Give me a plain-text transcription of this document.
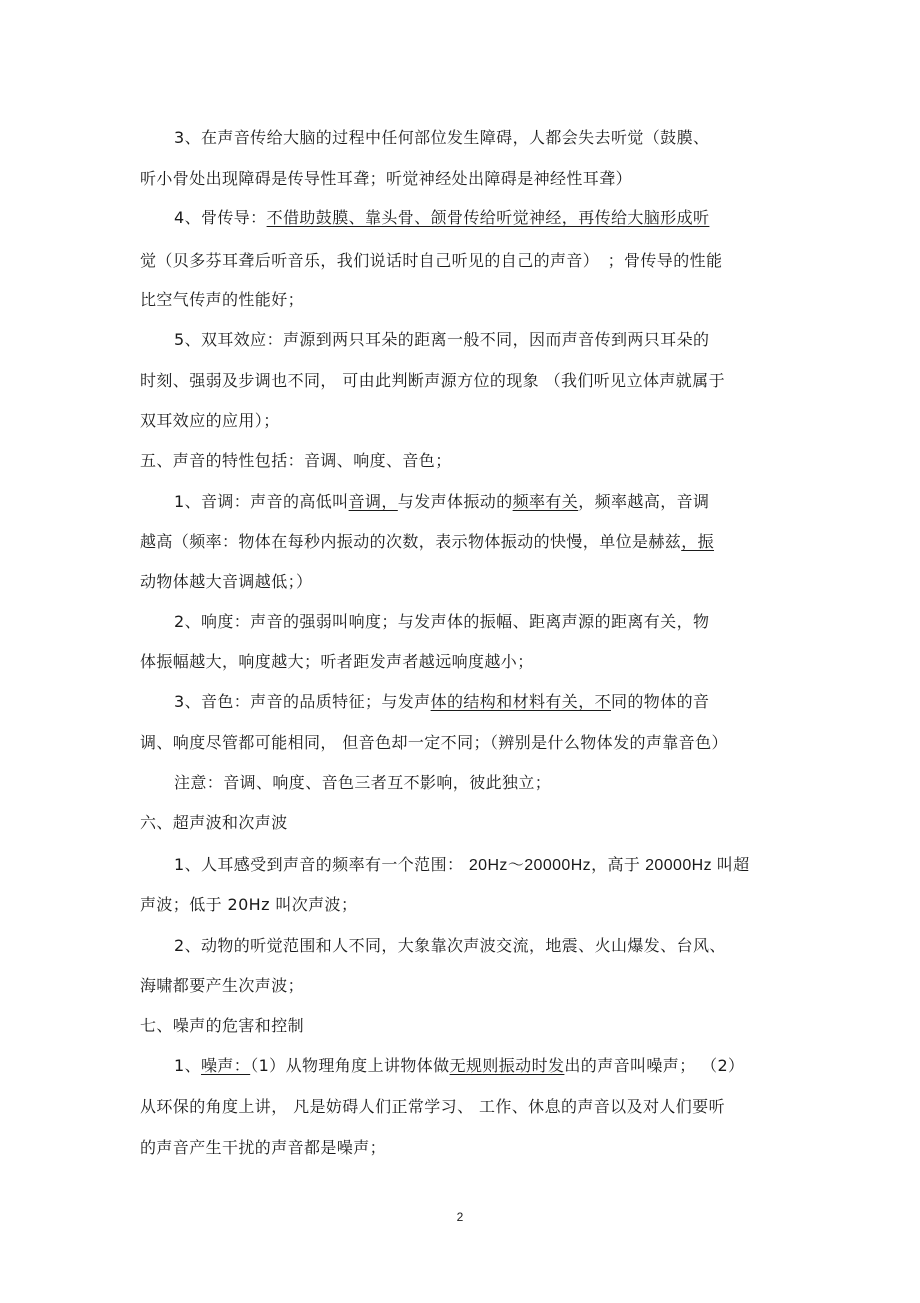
3、在声音传给大脑的过程中任何部位发生障碍，人都会失去听觉（鼓膜、
听小骨处出现障碍是传导性耳聋；听觉神经处出障碍是神经性耳聋）
4、骨传导：不借助鼓膜、靠头骨、颌骨传给听觉神经，再传给大脑形成听
觉（贝多芬耳聋后听音乐，我们说话时自己听见的自己的声音）　；骨传导的性能
比空气传声的性能好；
5、双耳效应：声源到两只耳朵的距离一般不同，因而声音传到两只耳朵的
时刻、强弱及步调也不同， 可由此判断声源方位的现象 （我们听见立体声就属于
双耳效应的应用）；
五、声音的特性包括：音调、响度、音色；
1、音调：声音的高低叫音调，与发声体振动的频率有关，频率越高，音调
越高（频率：物体在每秒内振动的次数，表示物体振动的快慢，单位是赫兹，振
动物体越大音调越低；）
2、响度：声音的强弱叫响度；与发声体的振幅、距离声源的距离有关，物
体振幅越大，响度越大；听者距发声者越远响度越小；
3、音色：声音的品质特征；与发声体的结构和材料有关，不同的物体的音
调、响度尽管都可能相同， 但音色却一定不同；（辨别是什么物体发的声靠音色）
注意：音调、响度、音色三者互不影响，彼此独立；
六、超声波和次声波
1、人耳感受到声音的频率有一个范围： 20Hz～20000Hz，高于 20000Hz 叫超
声波；低于 20Hz 叫次声波；
2、动物的听觉范围和人不同，大象靠次声波交流，地震、火山爆发、台风、
海啸都要产生次声波；
七、噪声的危害和控制
1、噪声：（1）从物理角度上讲物体做无规则振动时发出的声音叫噪声； （2）
从环保的角度上讲， 凡是妨碍人们正常学习、 工作、休息的声音以及对人们要听
的声音产生干扰的声音都是噪声；
2
